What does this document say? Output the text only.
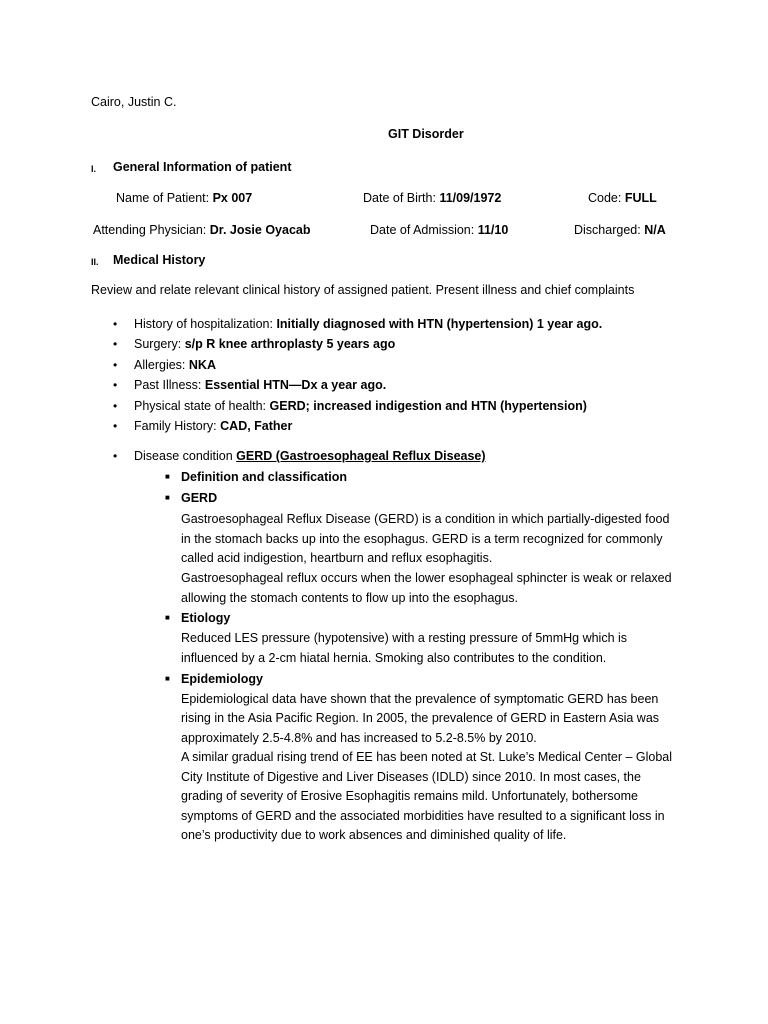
Cairo, Justin C.
GIT Disorder
I. General Information of patient
Name of Patient: Px 007	Date of Birth: 11/09/1972	Code: FULL
Attending Physician: Dr. Josie Oyacab	Date of Admission: 11/10	Discharged: N/A
II. Medical History
Review and relate relevant clinical history of assigned patient. Present illness and chief complaints
• History of hospitalization: Initially diagnosed with HTN (hypertension) 1 year ago.
• Surgery: s/p R knee arthroplasty 5 years ago
• Allergies: NKA
• Past Illness: Essential HTN—Dx a year ago.
• Physical state of health: GERD; increased indigestion and HTN (hypertension)
• Family History: CAD, Father
• Disease condition GERD (Gastroesophageal Reflux Disease)
■ Definition and classification
■ GERD
Gastroesophageal Reflux Disease (GERD) is a condition in which partially-digested food
in the stomach backs up into the esophagus. GERD is a term recognized for commonly
called acid indigestion, heartburn and reflux esophagitis.
Gastroesophageal reflux occurs when the lower esophageal sphincter is weak or relaxed
allowing the stomach contents to flow up into the esophagus.
■ Etiology
Reduced LES pressure (hypotensive) with a resting pressure of 5mmHg which is
influenced by a 2-cm hiatal hernia. Smoking also contributes to the condition.
■ Epidemiology
Epidemiological data have shown that the prevalence of symptomatic GERD has been
rising in the Asia Pacific Region. In 2005, the prevalence of GERD in Eastern Asia was
approximately 2.5-4.8% and has increased to 5.2-8.5% by 2010.
A similar gradual rising trend of EE has been noted at St. Luke’s Medical Center – Global
City Institute of Digestive and Liver Diseases (IDLD) since 2010. In most cases, the
grading of severity of Erosive Esophagitis remains mild. Unfortunately, bothersome
symptoms of GERD and the associated morbidities have resulted to a significant loss in
one’s productivity due to work absences and diminished quality of life.
